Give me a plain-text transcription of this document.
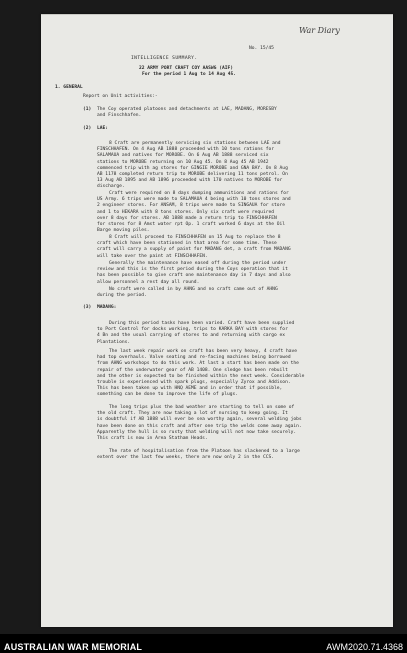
War Diary
No. 15/45
INTELLIGENCE SUMMARY.
22 ARMY PORT CRAFT COY AASWG (AIF)
For the period 1 Aug to 14 Aug 45.
1. GENERAL
Report on Unit activities:-
(1) The Coy operated platoons and detachments at LAE, MADANG, MORESBY
and Finschhafen.
(2) LAE:
8 Craft are permanently servicing six stations between LAE and
FINSCHHAFEN. On 4 Aug AB 1888 proceeded with 10 tons rations for
SALAMAUA and natives for MOROBE. On 6 Aug AB 1888 serviced six
stations to MOROBE returning on 10 Aug 45. On 8 Aug 45 AB 1942
commenced trip with ag stores for GINGIE MOROBE and GNA BAY. On 8 Aug
AB 1178 completed return trip to MOROBE delivering 11 tons petrol. On
13 Aug AB 1895 and AB 1896 proceeded with 170 natives to MOROBE for
discharge.
Craft were required on 8 days dumping ammunitions and rations for
US Army. 6 trips were made to SALAMAUA 4 being with 10 tons stores and
2 engineer stores. For ANSAM, 8 trips were made to SINGAUA for store
and 1 to HEKARA with 8 tons stores. Only six craft were required
over 8 days for stores. AB 1888 made a return trip to FINSCHHAFEN
for stores for 8 Amst water rpt Op. 1 craft worked 6 days at the Oil
Barge moving piles.
8 Craft will proceed to FINSCHHAFEN on 15 Aug to replace the 8
craft which have been stationed in that area for some time. These
craft will carry a supply of paint for MADANG det, a craft from MADANG
will take over the paint at FINSCHHAFEN.
Generally the maintenance have eased off during the period under
review and this is the first period during the Coys operation that it
has been possible to give craft one maintenance day in 7 days and also
allow personnel a rest day all round.
No craft were called in by AHNG and no craft came out of AHNG
during the period.
(3) MADANG:
During this period tasks have been varied. Craft have been supplied
to Port Control for docks working, trips to KARKA BAY with stores for
4 Bn and the usual carrying of stores to and returning with cargo ex
Plantations.
The last week repair work on craft has been very heavy, 4 craft have
had top overhauls. Valve seating and re-facing machines being borrowed
from AHNG workshops to do this work. At last a start has been made on the
repair of the underwater gear of AB 1408. One sledge has been rebuilt
and the other is expected to be finished within the next week. Considerable
trouble is experienced with spark plugs, especially Zyrox and Addison.
This has been taken up with HNQ AEME and in order that if possible,
something can be done to improve the life of plugs.
The long trips plus the bad weather are starting to tell on some of
the old craft. They are now taking a lot of nursing to keep going. It
is doubtful if AB 1888 will ever be sea worthy again, several welding jobs
have been done on this craft and after one trip the welds come away again.
Apparently the hull is so rusty that welding will not now take securely.
This craft is now in Area Statham Heads.
The rate of hospitalisation from the Platoon has slackened to a large
extent over the last few weeks, there are now only 2 in the CCS.
AUSTRALIAN WAR MEMORIAL	AWM2020.71.4368
